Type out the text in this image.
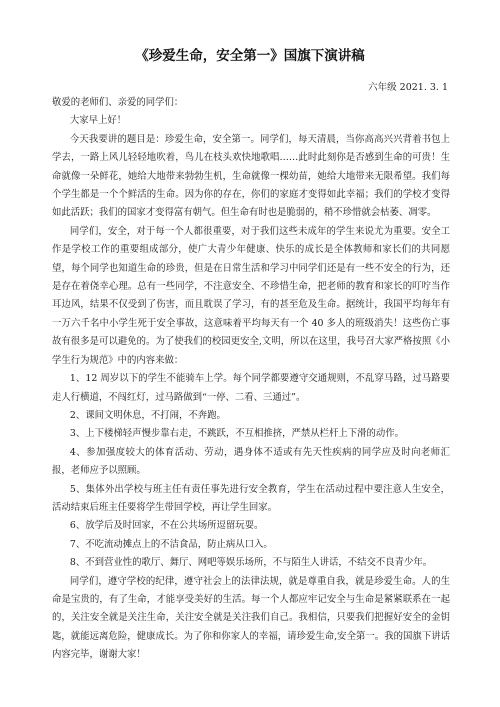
《珍爱生命，安全第一》国旗下演讲稿
六年级 2021. 3. 1

敬爱的老师们、亲爱的同学们：

大家早上好！

今天我要讲的题目是：珍爱生命，安全第一。同学们，每天清晨，当你高高兴兴背着书包上学去，一路上风儿轻轻地吹着，鸟儿在枝头欢快地歌唱……此时此刻你是否感到生命的可贵！生命就像一朵鲜花，她给大地带来勃勃生机，生命就像一棵幼苗，她给大地带来无限希望。我们每个学生都是一个个鲜活的生命。因为你的存在，你们的家庭才变得如此幸福；我们的学校才变得如此活跃；我们的国家才变得富有朝气。但生命有时也是脆弱的，稍不珍惜就会枯萎、凋零。

同学们，安全，对于每一个人都很重要，对于我们这些未成年的学生来说尤为重要。安全工作是学校工作的重要组成部分，使广大青少年健康、快乐的成长是全体教师和家长们的共同愿望，每个同学也知道生命的珍贵，但是在日常生活和学习中同学们还是有一些不安全的行为，还是存在着侥幸心理。总有一些同学，不注意安全、不珍惜生命，把老师的教育和家长的叮咛当作耳边风，结果不仅受到了伤害，而且耽误了学习，有的甚至危及生命。据统计，我国平均每年有一万六千名中小学生死于安全事故，这意味着平均每天有一个 40 多人的班级消失！这些伤亡事故有很多是可以避免的。为了使我们的校园更安全,文明，所以在这里，我号召大家严格按照《小学生行为规范》中的内容来做：

1、12 周岁以下的学生不能骑车上学。每个同学都要遵守交通规则，不乱穿马路，过马路要走人行横道，不闯红灯，过马路做到“一停、二看、三通过”。

2、课间文明休息，不打闹，不奔跑。

3、上下楼梯轻声慢步靠右走，不跳跃，不互相推挤，严禁从栏杆上下滑的动作。

4、参加强度较大的体育活动、劳动，遇身体不适或有先天性疾病的同学应及时向老师汇报，老师应予以照顾。

5、集体外出学校与班主任有责任事先进行安全教育，学生在活动过程中要注意人生安全，活动结束后班主任要将学生带回学校，再让学生回家。

6、放学后及时回家，不在公共场所逗留玩耍。

7、不吃流动摊点上的不洁食品，防止病从口入。

8、不到营业性的歌厅、舞厅、网吧等娱乐场所，不与陌生人讲话，不结交不良青少年。

同学们，遵守学校的纪律，遵守社会上的法律法规，就是尊重自我，就是珍爱生命。人的生命是宝贵的，有了生命，才能享受美好的生活。每一个人都应牢记安全与生命是紧紧联系在一起的，关注安全就是关注生命，关注安全就是关注我们自己。我相信，只要我们把握好安全的金钥匙，就能远离危险，健康成长。为了你和你家人的幸福，请珍爱生命,安全第一。我的国旗下讲话内容完毕，谢谢大家！
